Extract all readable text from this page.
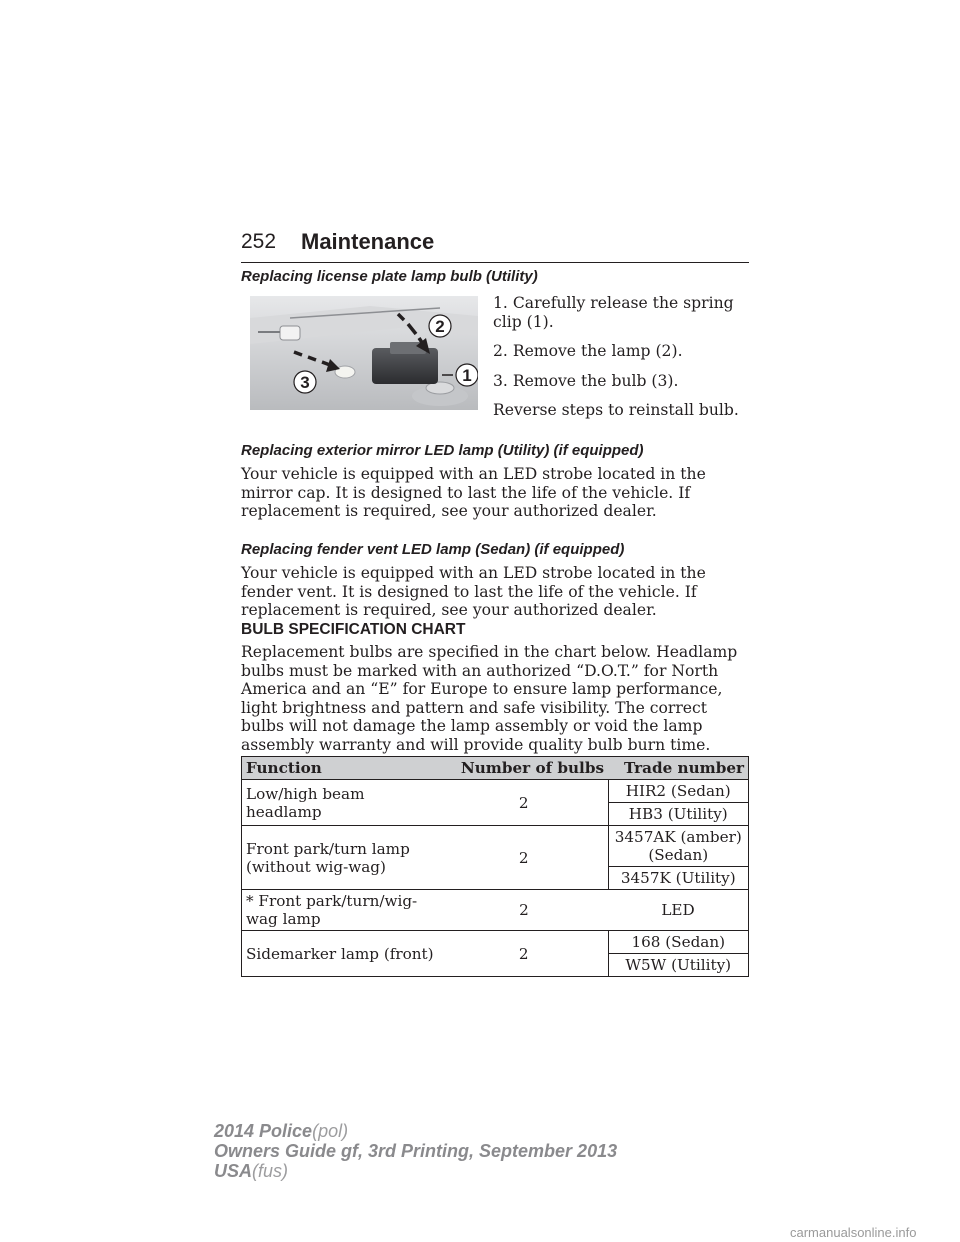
252 Maintenance
Replacing license plate lamp bulb (Utility)
2
1
3

1. Carefully release the spring clip (1).

2. Remove the lamp (2).

3. Remove the bulb (3).

Reverse steps to reinstall bulb.

Replacing exterior mirror LED lamp (Utility) (if equipped)
Your vehicle is equipped with an LED strobe located in the mirror cap. It is designed to last the life of the vehicle. If replacement is required, see your authorized dealer.
Replacing fender vent LED lamp (Sedan) (if equipped)
Your vehicle is equipped with an LED strobe located in the fender vent. It is designed to last the life of the vehicle. If replacement is required, see your authorized dealer.
BULB SPECIFICATION CHART
Replacement bulbs are specified in the chart below. Headlamp bulbs must be marked with an authorized “D.O.T.” for North America and an “E” for Europe to ensure lamp performance, light brightness and pattern and safe visibility. The correct bulbs will not damage the lamp assembly or void the lamp assembly warranty and will provide quality bulb burn time.
Function	Number of bulbs	Trade number
Low/high beam headlamp	2	HIR2 (Sedan)
		HB3 (Utility)
Front park/turn lamp (without wig-wag)	2	3457AK (amber) (Sedan)
		3457K (Utility)
* Front park/turn/wig-wag lamp	2	LED
Sidemarker lamp (front)	2	168 (Sedan)
		W5W (Utility)
2014 Police(pol)
Owners Guide gf, 3rd Printing, September 2013
USA(fus)
carmanualsonline.info
